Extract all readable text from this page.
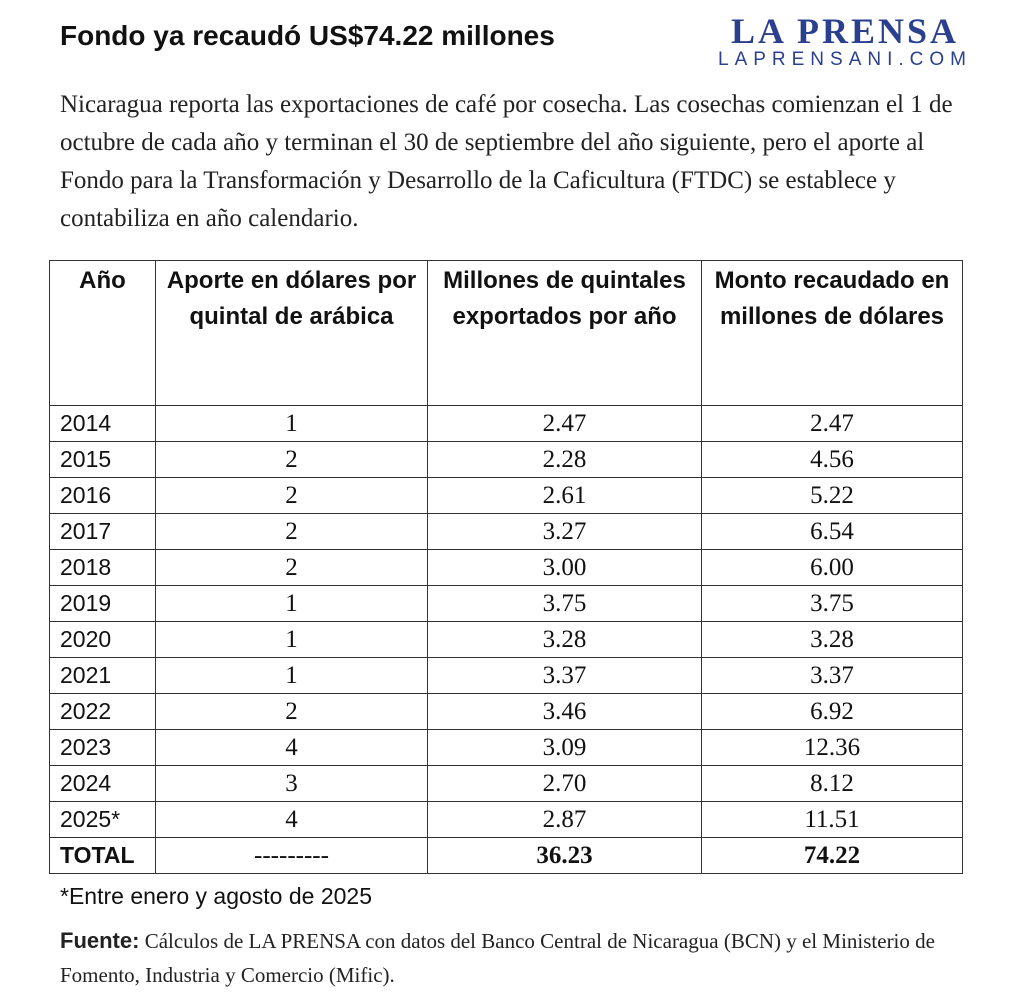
Fondo ya recaudó US$74.22 millones	LA PRENSA
LAPRENSANI.COM

Nicaragua reporta las exportaciones de café por cosecha. Las cosechas comienzan el 1 de octubre de cada año y terminan el 30 de septiembre del año siguiente, pero el aporte al Fondo para la Transformación y Desarrollo de la Caficultura (FTDC) se establece y contabiliza en año calendario.

Año	Aporte en dólares por quintal de arábica	Millones de quintales exportados por año	Monto recaudado en millones de dólares
2014	1	2.47	2.47
2015	2	2.28	4.56
2016	2	2.61	5.22
2017	2	3.27	6.54
2018	2	3.00	6.00
2019	1	3.75	3.75
2020	1	3.28	3.28
2021	1	3.37	3.37
2022	2	3.46	6.92
2023	4	3.09	12.36
2024	3	2.70	8.12
2025*	4	2.87	11.51
TOTAL	---------	36.23	74.22
*Entre enero y agosto de 2025

Fuente: Cálculos de LA PRENSA con datos del Banco Central de Nicaragua (BCN) y el Ministerio de Fomento, Industria y Comercio (Mific).
